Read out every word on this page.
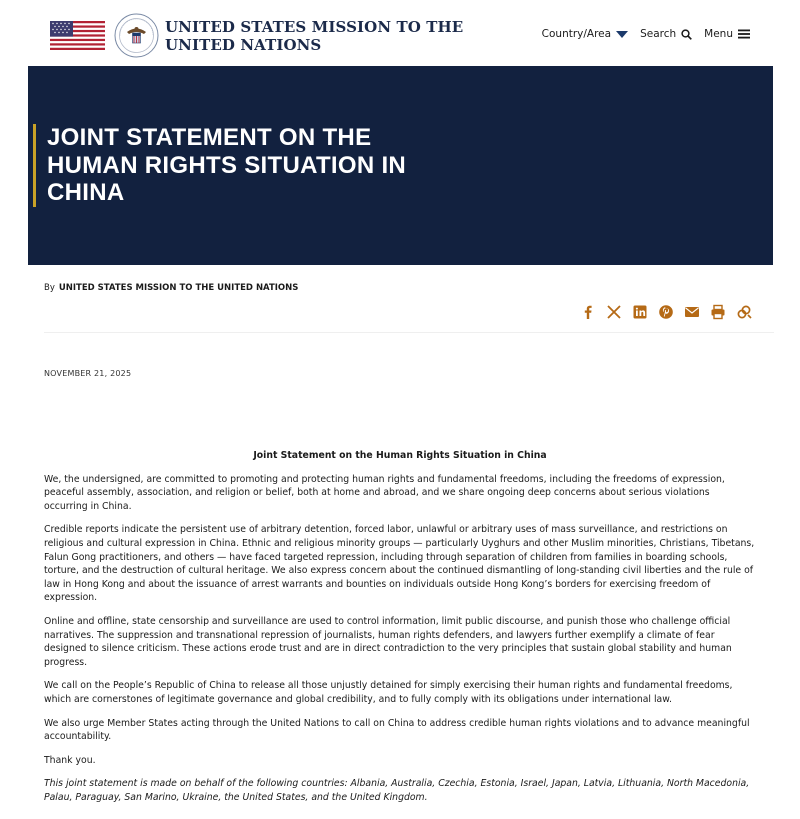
UNITED STATES MISSION TO THE UNITED NATIONS
Country/Area	Search	Menu
JOINT STATEMENT ON THE HUMAN RIGHTS SITUATION IN CHINA
By UNITED STATES MISSION TO THE UNITED NATIONS
NOVEMBER 21, 2025
Joint Statement on the Human Rights Situation in China

We, the undersigned, are committed to promoting and protecting human rights and fundamental freedoms, including the freedoms of expression, peaceful assembly, association, and religion or belief, both at home and abroad, and we share ongoing deep concerns about serious violations occurring in China.

Credible reports indicate the persistent use of arbitrary detention, forced labor, unlawful or arbitrary uses of mass surveillance, and restrictions on religious and cultural expression in China. Ethnic and religious minority groups — particularly Uyghurs and other Muslim minorities, Christians, Tibetans, Falun Gong practitioners, and others — have faced targeted repression, including through separation of children from families in boarding schools, torture, and the destruction of cultural heritage. We also express concern about the continued dismantling of long-standing civil liberties and the rule of law in Hong Kong and about the issuance of arrest warrants and bounties on individuals outside Hong Kong’s borders for exercising freedom of expression.

Online and offline, state censorship and surveillance are used to control information, limit public discourse, and punish those who challenge official narratives. The suppression and transnational repression of journalists, human rights defenders, and lawyers further exemplify a climate of fear designed to silence criticism. These actions erode trust and are in direct contradiction to the very principles that sustain global stability and human progress.

We call on the People’s Republic of China to release all those unjustly detained for simply exercising their human rights and fundamental freedoms, which are cornerstones of legitimate governance and global credibility, and to fully comply with its obligations under international law.

We also urge Member States acting through the United Nations to call on China to address credible human rights violations and to advance meaningful accountability.

Thank you.

This joint statement is made on behalf of the following countries: Albania, Australia, Czechia, Estonia, Israel, Japan, Latvia, Lithuania, North Macedonia, Palau, Paraguay, San Marino, Ukraine, the United States, and the United Kingdom.
